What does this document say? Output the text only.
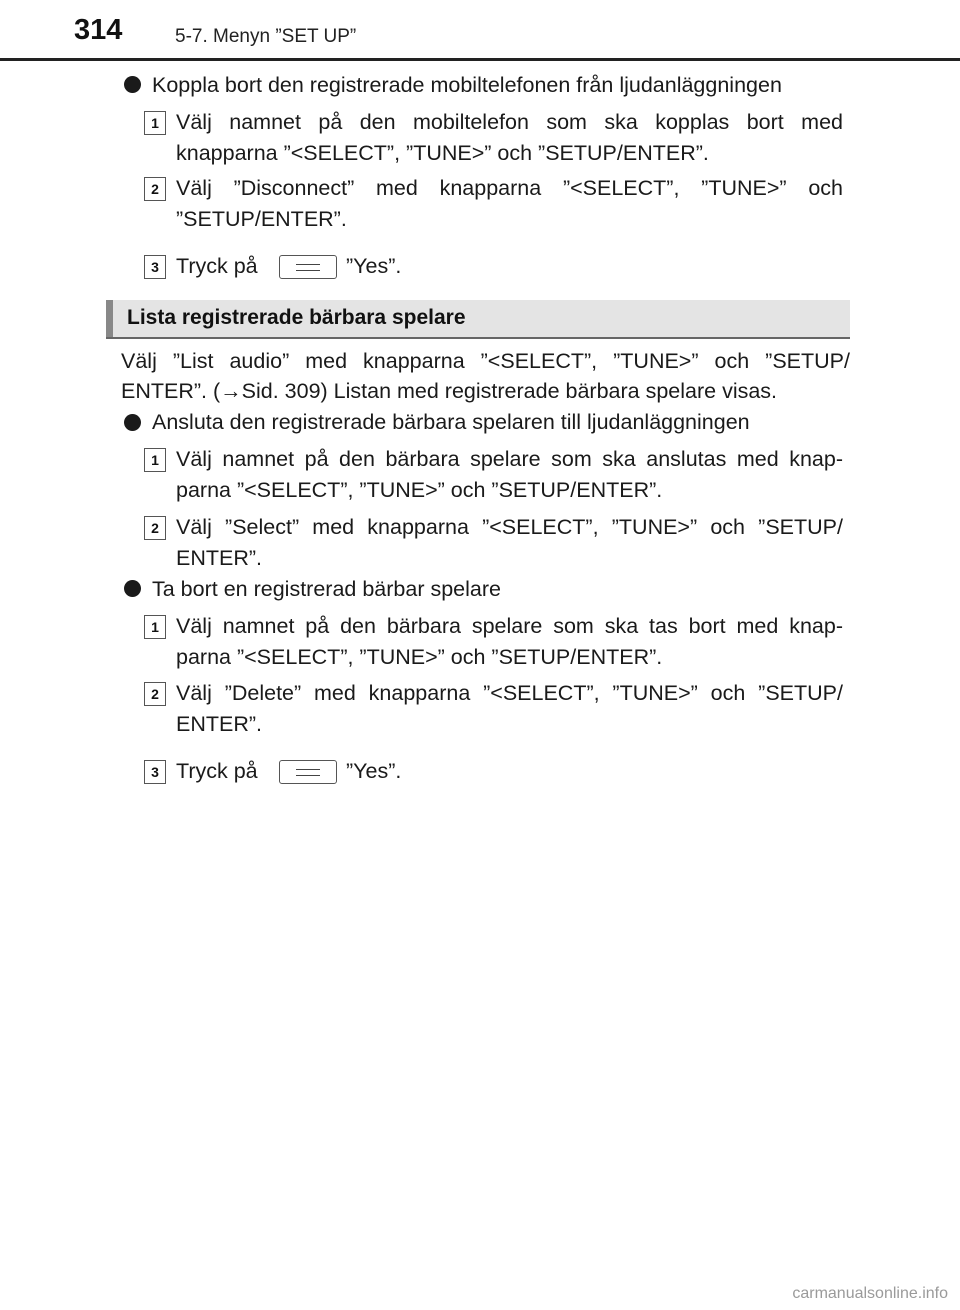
314	5-7. Menyn ”SET UP”
Koppla bort den registrerade mobiltelefonen från ljudanläggningen
1 Välj namnet på den mobiltelefon som ska kopplas bort med
knapparna ”<SELECT”, ”TUNE>” och ”SETUP/ENTER”.
2 Välj ”Disconnect” med knapparna ”<SELECT”, ”TUNE>” och
”SETUP/ENTER”.
3 Tryck på	”Yes”.
Lista registrerade bärbara spelare
Välj ”List audio” med knapparna ”<SELECT”, ”TUNE>” och ”SETUP/
ENTER”. (→Sid. 309) Listan med registrerade bärbara spelare visas.
Ansluta den registrerade bärbara spelaren till ljudanläggningen
1 Välj namnet på den bärbara spelare som ska anslutas med knap-
parna ”<SELECT”, ”TUNE>” och ”SETUP/ENTER”.
2 Välj ”Select” med knapparna ”<SELECT”, ”TUNE>” och ”SETUP/
ENTER”.
Ta bort en registrerad bärbar spelare
1 Välj namnet på den bärbara spelare som ska tas bort med knap-
parna ”<SELECT”, ”TUNE>” och ”SETUP/ENTER”.
2 Välj ”Delete” med knapparna ”<SELECT”, ”TUNE>” och ”SETUP/
ENTER”.
3 Tryck på	”Yes”.
carmanualsonline.info
